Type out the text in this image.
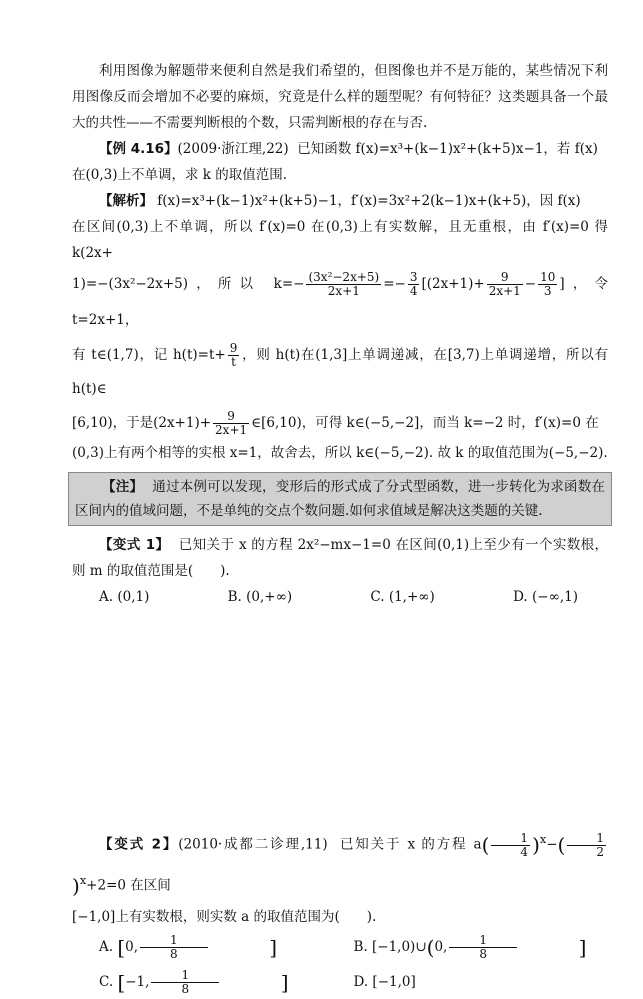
利用图像为解题带来便利自然是我们希望的，但图像也并不是万能的，某些情况下利用图像反而会增加不必要的麻烦，究竟是什么样的题型呢？有何特征？这类题具备一个最大的共性——不需要判断根的个数，只需判断根的存在与否.

【例 4.16】(2009·浙江理,22) 已知函数 f(x)=x³+(k−1)x²+(k+5)x−1，若 f(x)

在(0,3)上不单调，求 k 的取值范围.

【解析】 f(x)=x³+(k−1)x²+(k+5)−1，f′(x)=3x²+2(k−1)x+(k+5)，因 f(x)

在区间(0,3)上不单调，所以 f′(x)=0 在(0,3)上有实数解，且无重根，由 f′(x)=0 得 k(2x+

1)=−(3x²−2x+5)，所以 $k=- \frac{\text{(3x²−2x+5)}}{2x+1} =- \frac{3}{4} [(2x+1)+ \frac{9}{2x+1} - \frac{10}{3}$ ]，令 t=2x+1，

有 t∈(1,7)，记 $h(t)=t+ \frac{9}{t}$ ，则 h(t)在(1,3]上单调递减，在[3,7)上单调递增，所以有 h(t)∈

[6,10)，于是$(2x+1)+ \frac{9}{2x+1}$ ∈[6,10)，可得 k∈(−5,−2]，而当 k=−2 时，f′(x)=0 在

(0,3)上有两个相等的实根 x=1，故舍去，所以 k∈(−5,−2). 故 k 的取值范围为(−5,−2).

【注】 通过本例可以发现，变形后的形式成了分式型函数，进一步转化为求函数在区间内的值域问题，不是单纯的交点个数问题.如何求值域是解决这类题的关键.

【变式 1】 已知关于 x 的方程 2x²−mx−1=0 在区间(0,1)上至少有一个实数根，则 m 的取值范围是(　　).

A. (0,1)	B. (0,+∞)	C. (1,+∞)	D. (−∞,1)

【变式 2】(2010·成都二诊理,11) 已知关于 x 的方程 $a( \frac{1}{4} )^x-( \frac{1}{2}$
)$^x$+2=0 在区间

[−1,0]上有实数根，则实数 a 的取值范围为(　　).

A. [0, $\frac{1}{8}$ ]	B. [−1,0)∪(0, $\frac{1}{8}$ ]
C. [−1, $\frac{1}{8}$ ]	D. [−1,0]
